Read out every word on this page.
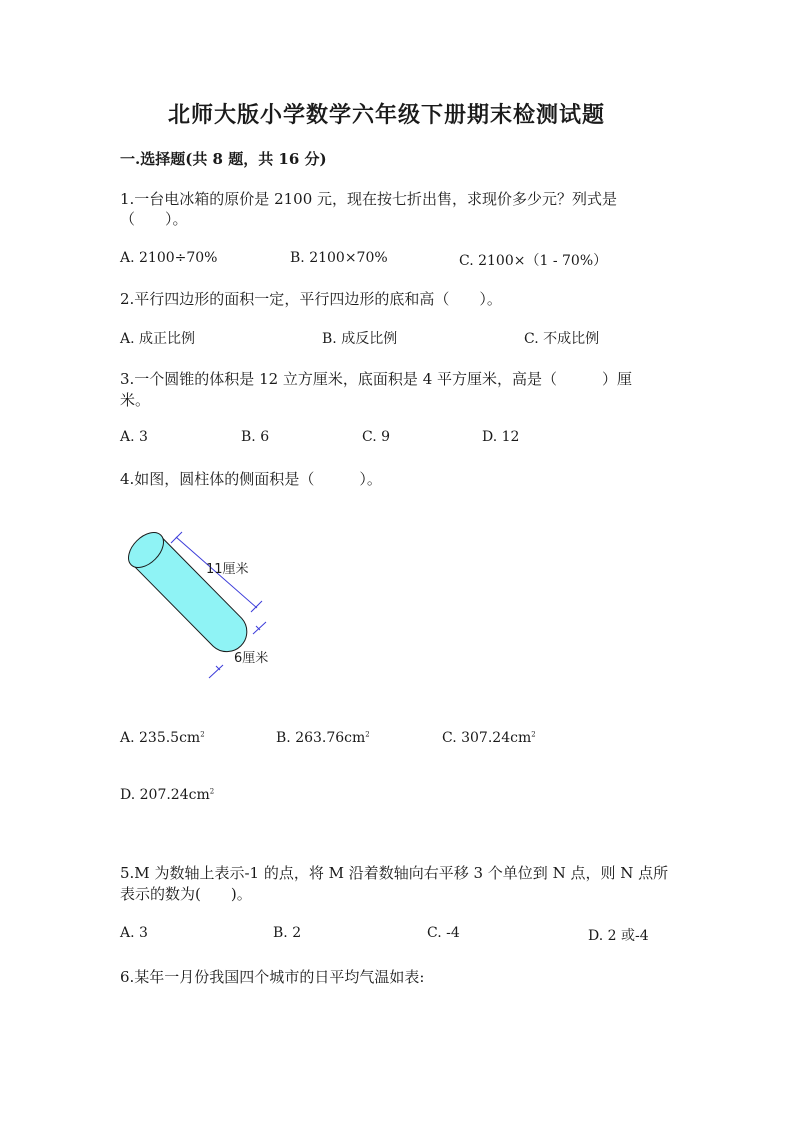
北师大版小学数学六年级下册期末检测试题
一.选择题(共 8 题，共 16 分)
1.一台电冰箱的原价是 2100 元，现在按七折出售，求现价多少元？列式是
（　　）。
A. 2100÷70%	B. 2100×70%	C. 2100×（1 - 70%）
2.平行四边形的面积一定，平行四边形的底和高（　　）。
A. 成正比例	B. 成反比例	C. 不成比例
3.一个圆锥的体积是 12 立方厘米，底面积是 4 平方厘米，高是（　　　）厘
米。
A. 3	B. 6	C. 9	D. 12
4.如图，圆柱体的侧面积是（　　　）。
11厘米
6厘米
A. $235.5cm^2$	B. $263.76cm^2$	C. $307.24cm^2$
D. $207.24cm^2$
5.M 为数轴上表示-1 的点，将 M 沿着数轴向右平移 3 个单位到 N 点，则 N 点所
表示的数为(　　)。
A. 3	B. 2	C. -4	D. 2 或-4
6.某年一月份我国四个城市的日平均气温如表:
